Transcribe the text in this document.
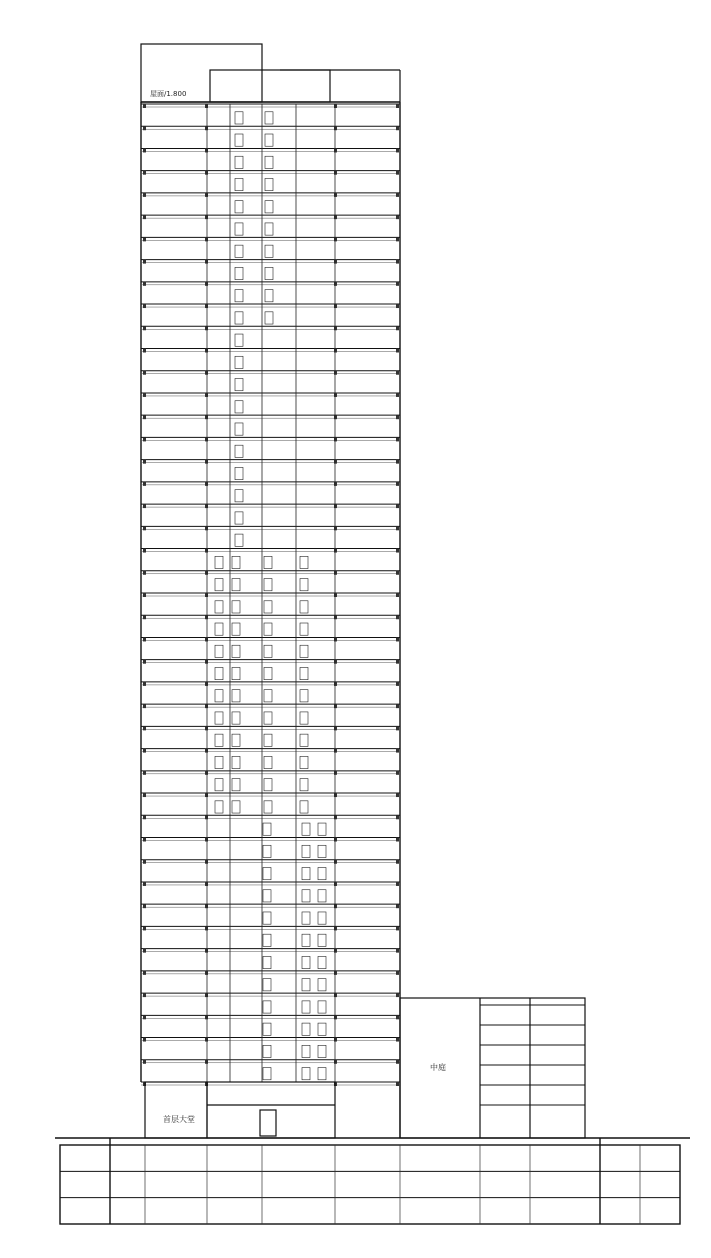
屋面/1.800
首层大堂
中庭
